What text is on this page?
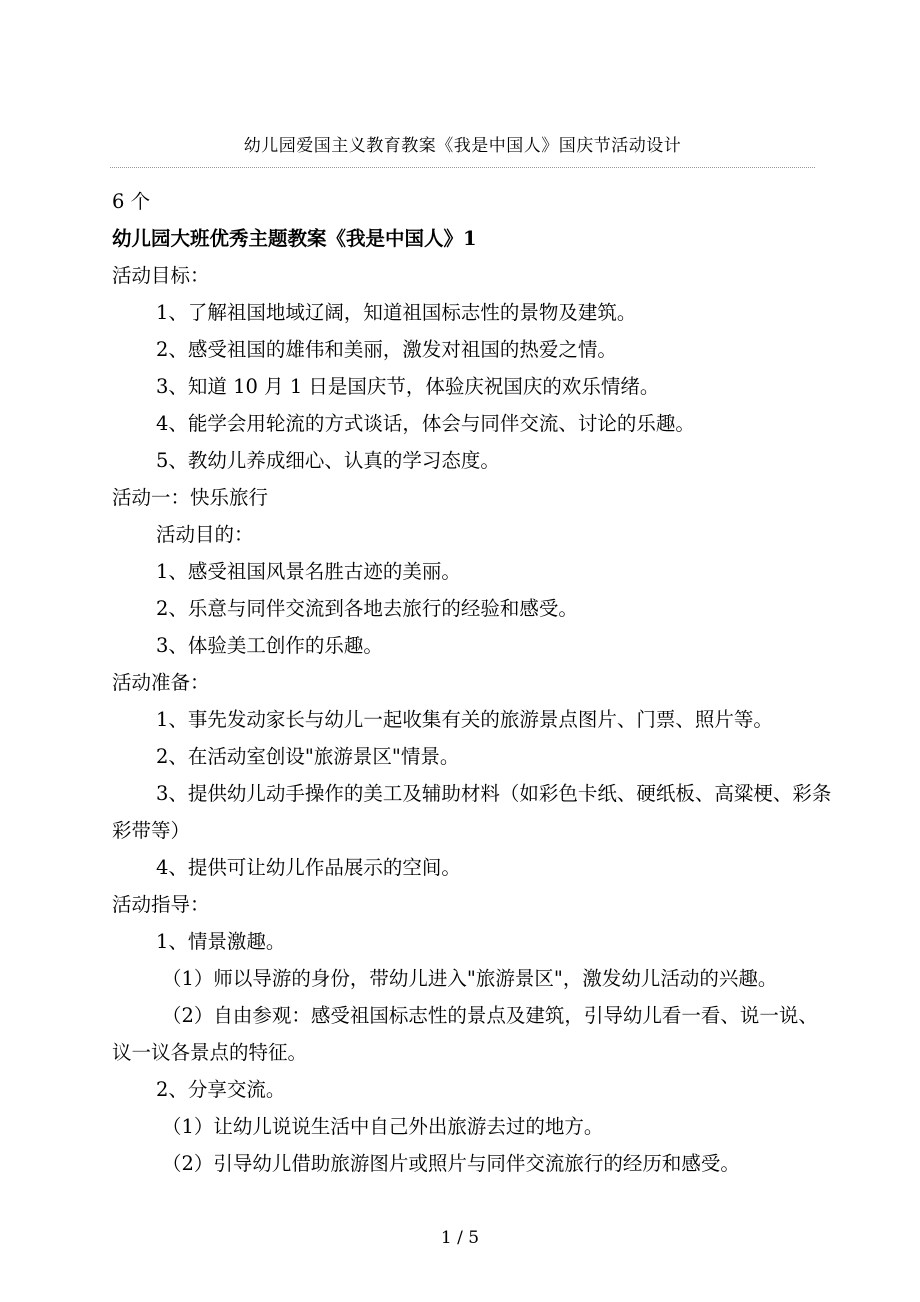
幼儿园爱国主义教育教案《我是中国人》国庆节活动设计
6 个
幼儿园大班优秀主题教案《我是中国人》1
活动目标：
1、了解祖国地域辽阔，知道祖国标志性的景物及建筑。
2、感受祖国的雄伟和美丽，激发对祖国的热爱之情。
3、知道 10 月 1 日是国庆节，体验庆祝国庆的欢乐情绪。
4、能学会用轮流的方式谈话，体会与同伴交流、讨论的乐趣。
5、教幼儿养成细心、认真的学习态度。
活动一：快乐旅行
活动目的：
1、感受祖国风景名胜古迹的美丽。
2、乐意与同伴交流到各地去旅行的经验和感受。
3、体验美工创作的乐趣。
活动准备：
1、事先发动家长与幼儿一起收集有关的旅游景点图片、门票、照片等。
2、在活动室创设"旅游景区"情景。
3、提供幼儿动手操作的美工及辅助材料（如彩色卡纸、硬纸板、高粱梗、彩条彩带等）
4、提供可让幼儿作品展示的空间。
活动指导：
1、情景激趣。
（1）师以导游的身份，带幼儿进入"旅游景区"，激发幼儿活动的兴趣。
（2）自由参观：感受祖国标志性的景点及建筑，引导幼儿看一看、说一说、议一议各景点的特征。
2、分享交流。
（1）让幼儿说说生活中自己外出旅游去过的地方。
（2）引导幼儿借助旅游图片或照片与同伴交流旅行的经历和感受。
1 / 5
